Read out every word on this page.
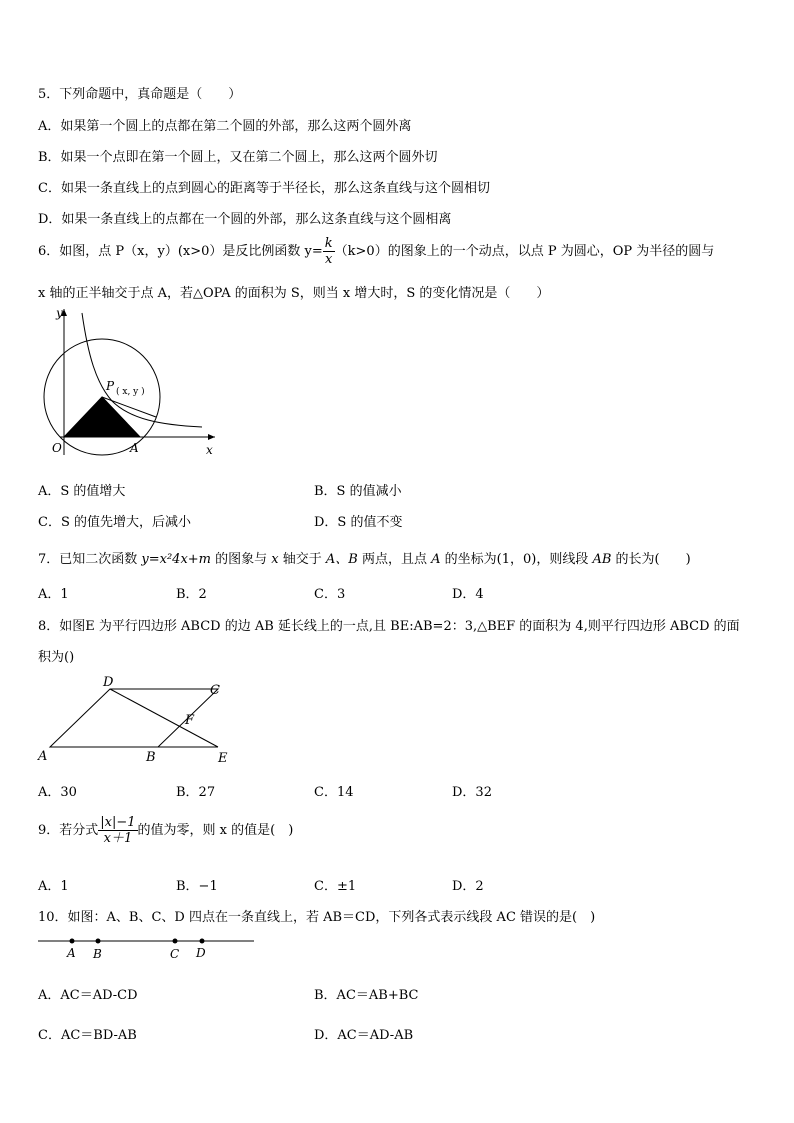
5．下列命题中，真命题是（　　）
A．如果第一个圆上的点都在第二个圆的外部，那么这两个圆外离
B．如果一个点即在第一个圆上，又在第二个圆上，那么这两个圆外切
C．如果一条直线上的点到圆心的距离等于半径长，那么这条直线与这个圆相切
D．如果一条直线上的点都在一个圆的外部，那么这条直线与这个圆相离
6．如图，点 P（x，y）(x>0）是反比例函数 $y= \frac{k}{x} (k>0)$的图象上的一个动点，以点 P 为圆心，OP 为半径的圆与
x 轴的正半轴交于点 A，若△OPA 的面积为 S，则当 x 增大时，S 的变化情况是（　　）
y
x
O	A
P ( x, y )
A．S 的值增大	B．S 的值减小
C．S 的值先增大，后减小	D．S 的值不变
7．已知二次函数 y=x²4x+m 的图象与 x 轴交于 A、B 两点，且点 A 的坐标为(1，0)，则线段 AB 的长为(　　)
A．1	B．2	C．3	D．4
8．如图E 为平行四边形 ABCD 的边 AB 延长线上的一点,且 BE:AB=2：3,△BEF 的面积为 4,则平行四边形 ABCD 的面
积为()
D
C
F
A	B	E
A．30	B．27	C．14	D．32
9．若分式 $\frac{|x|-1}{x+1}$ 的值为零，则 x 的值是(　)
A．1	B．−1	C．±1	D．2
10．如图：A、B、C、D 四点在一条直线上，若 AB＝CD，下列各式表示线段 AC 错误的是(　)
A B	C D
A．AC＝AD-CD	B．AC＝AB+BC
C．AC＝BD-AB	D．AC＝AD-AB
